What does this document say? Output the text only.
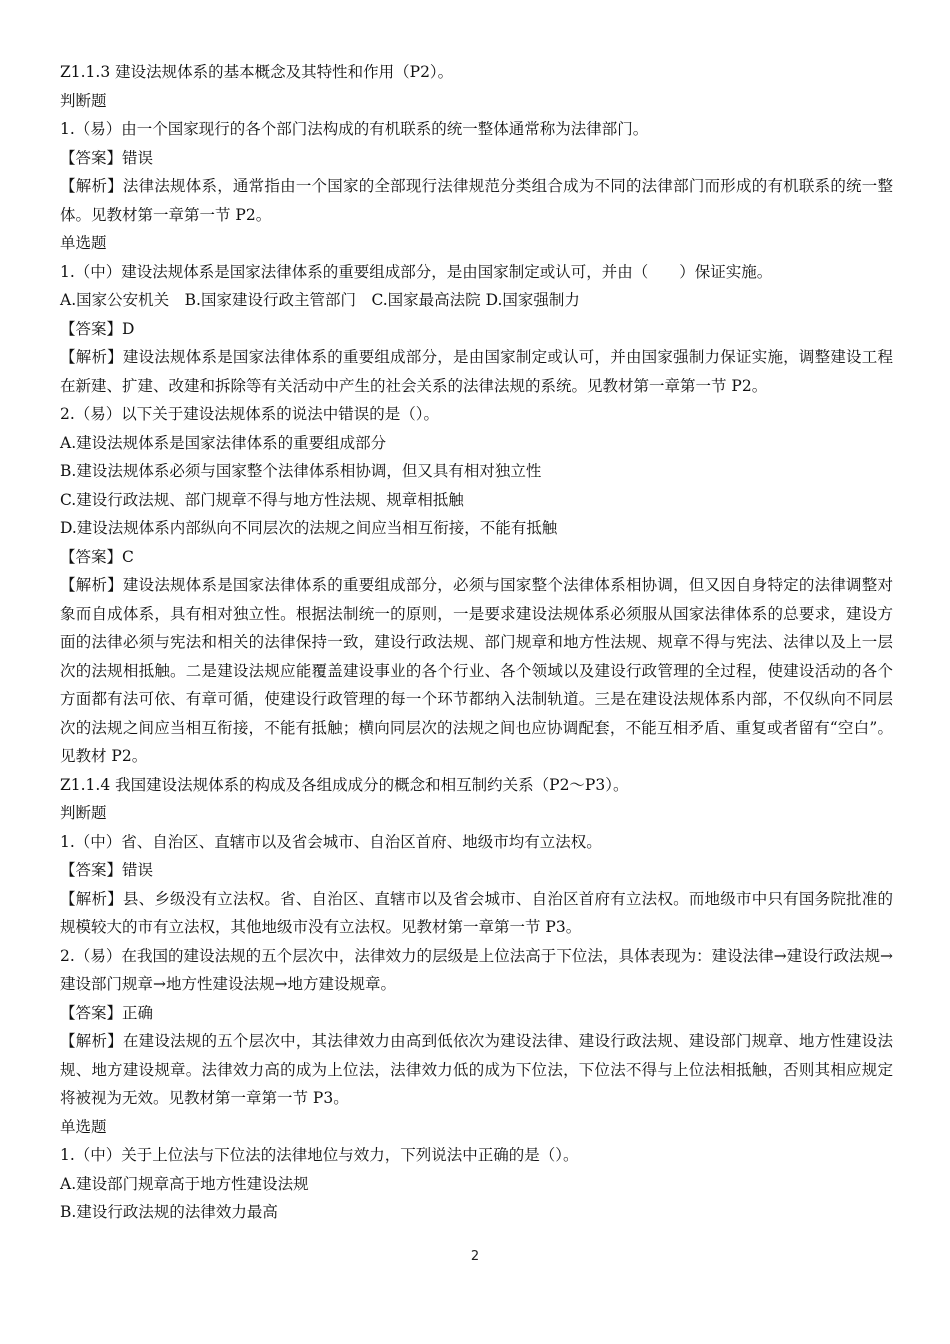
Z1.1.3 建设法规体系的基本概念及其特性和作用（P2）。

判断题

1.（易）由一个国家现行的各个部门法构成的有机联系的统一整体通常称为法律部门。

【答案】错误

【解析】法律法规体系，通常指由一个国家的全部现行法律规范分类组合成为不同的法律部门而形成的有机联系的统一整体。见教材第一章第一节 P2。

单选题

1.（中）建设法规体系是国家法律体系的重要组成部分，是由国家制定或认可，并由（　　）保证实施。

A.国家公安机关　B.国家建设行政主管部门　C.国家最高法院 D.国家强制力

【答案】D

【解析】建设法规体系是国家法律体系的重要组成部分，是由国家制定或认可，并由国家强制力保证实施，调整建设工程在新建、扩建、改建和拆除等有关活动中产生的社会关系的法律法规的系统。见教材第一章第一节 P2。

2.（易）以下关于建设法规体系的说法中错误的是（）。

A.建设法规体系是国家法律体系的重要组成部分

B.建设法规体系必须与国家整个法律体系相协调，但又具有相对独立性

C.建设行政法规、部门规章不得与地方性法规、规章相抵触

D.建设法规体系内部纵向不同层次的法规之间应当相互衔接，不能有抵触

【答案】C

【解析】建设法规体系是国家法律体系的重要组成部分，必须与国家整个法律体系相协调，但又因自身特定的法律调整对象而自成体系，具有相对独立性。根据法制统一的原则，一是要求建设法规体系必须服从国家法律体系的总要求，建设方面的法律必须与宪法和相关的法律保持一致，建设行政法规、部门规章和地方性法规、规章不得与宪法、法律以及上一层次的法规相抵触。二是建设法规应能覆盖建设事业的各个行业、各个领域以及建设行政管理的全过程，使建设活动的各个方面都有法可依、有章可循，使建设行政管理的每一个环节都纳入法制轨道。三是在建设法规体系内部，不仅纵向不同层次的法规之间应当相互衔接，不能有抵触；横向同层次的法规之间也应协调配套，不能互相矛盾、重复或者留有“空白”。见教材 P2。

Z1.1.4 我国建设法规体系的构成及各组成成分的概念和相互制约关系（P2～P3）。

判断题

1.（中）省、自治区、直辖市以及省会城市、自治区首府、地级市均有立法权。

【答案】错误

【解析】县、乡级没有立法权。省、自治区、直辖市以及省会城市、自治区首府有立法权。而地级市中只有国务院批准的规模较大的市有立法权，其他地级市没有立法权。见教材第一章第一节 P3。

2.（易）在我国的建设法规的五个层次中，法律效力的层级是上位法高于下位法，具体表现为：建设法律→建设行政法规→建设部门规章→地方性建设法规→地方建设规章。

【答案】正确

【解析】在建设法规的五个层次中，其法律效力由高到低依次为建设法律、建设行政法规、建设部门规章、地方性建设法规、地方建设规章。法律效力高的成为上位法，法律效力低的成为下位法，下位法不得与上位法相抵触，否则其相应规定将被视为无效。见教材第一章第一节 P3。

单选题

1.（中）关于上位法与下位法的法律地位与效力，下列说法中正确的是（）。

A.建设部门规章高于地方性建设法规

B.建设行政法规的法律效力最高

2
